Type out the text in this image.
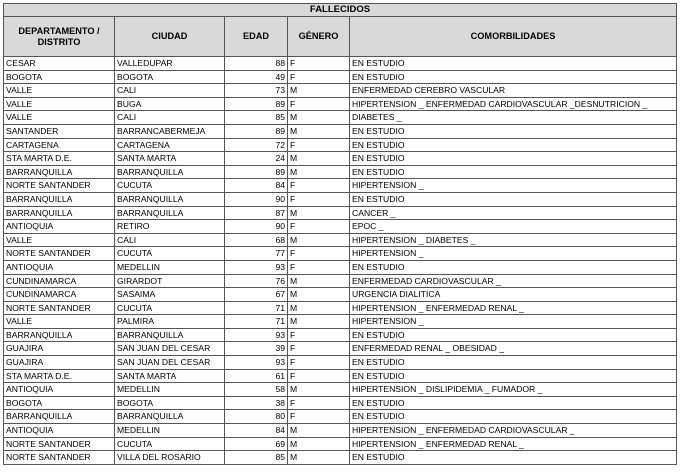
FALLECIDOS				
DEPARTAMENTO / DISTRITO	CIUDAD	EDAD	GÉNERO	COMORBILIDADES
CESAR	VALLEDUPAR	88	F	EN ESTUDIO
BOGOTA	BOGOTA	49	F	EN ESTUDIO
VALLE	CALI	73	M	ENFERMEDAD CEREBRO VASCULAR
VALLE	BUGA	89	F	HIPERTENSION _ ENFERMEDAD CARDIOVASCULAR _DESNUTRICION _
VALLE	CALI	85	M	DIABETES _
SANTANDER	BARRANCABERMEJA	89	M	EN ESTUDIO
CARTAGENA	CARTAGENA	72	F	EN ESTUDIO
STA MARTA D.E.	SANTA MARTA	24	M	EN ESTUDIO
BARRANQUILLA	BARRANQUILLA	89	M	EN ESTUDIO
NORTE SANTANDER	CUCUTA	84	F	HIPERTENSION _
BARRANQUILLA	BARRANQUILLA	90	F	EN ESTUDIO
BARRANQUILLA	BARRANQUILLA	87	M	CANCER _
ANTIOQUIA	RETIRO	90	F	EPOC _
VALLE	CALI	68	M	HIPERTENSION _ DIABETES _
NORTE SANTANDER	CUCUTA	77	F	HIPERTENSION _
ANTIOQUIA	MEDELLIN	93	F	EN ESTUDIO
CUNDINAMARCA	GIRARDOT	76	M	ENFERMEDAD CARDIOVASCULAR _
CUNDINAMARCA	SASAIMA	67	M	URGENCIA DIALITICA
NORTE SANTANDER	CUCUTA	71	M	HIPERTENSION _ ENFERMEDAD RENAL _
VALLE	PALMIRA	71	M	HIPERTENSION _
BARRANQUILLA	BARRANQUILLA	93	F	EN ESTUDIO
GUAJIRA	SAN JUAN DEL CESAR	39	F	ENFERMEDAD RENAL _ OBESIDAD _
GUAJIRA	SAN JUAN DEL CESAR	93	F	EN ESTUDIO
STA MARTA D.E.	SANTA MARTA	61	F	EN ESTUDIO
ANTIOQUIA	MEDELLIN	58	M	HIPERTENSION _ DISLIPIDEMIA _ FUMADOR _
BOGOTA	BOGOTA	38	F	EN ESTUDIO
BARRANQUILLA	BARRANQUILLA	80	F	EN ESTUDIO
ANTIOQUIA	MEDELLIN	84	M	HIPERTENSION _ ENFERMEDAD CARDIOVASCULAR _
NORTE SANTANDER	CUCUTA	69	M	HIPERTENSION _ ENFERMEDAD RENAL _
NORTE SANTANDER	VILLA DEL ROSARIO	85	M	EN ESTUDIO
